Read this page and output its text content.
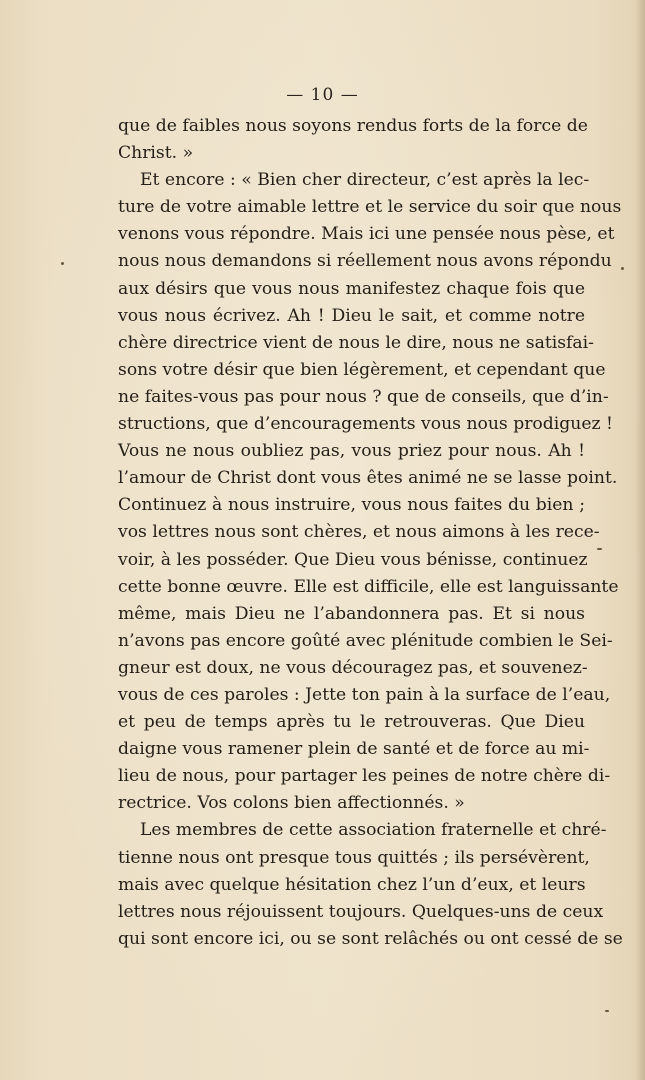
— 10 —
que de faibles nous soyons rendus forts de la force de
Christ. »
Et encore : « Bien cher directeur, c’est après la lec-
ture de votre aimable lettre et le service du soir que nous
venons vous répondre. Mais ici une pensée nous pèse, et
nous nous demandons si réellement nous avons répondu
aux désirs que vous nous manifestez chaque fois que
vous nous écrivez. Ah ! Dieu le sait, et comme notre
chère directrice vient de nous le dire, nous ne satisfai-
sons votre désir que bien légèrement, et cependant que
ne faites-vous pas pour nous ? que de conseils, que d’in-
structions, que d’encouragements vous nous prodiguez !
Vous ne nous oubliez pas, vous priez pour nous. Ah !
l’amour de Christ dont vous êtes animé ne se lasse point.
Continuez à nous instruire, vous nous faites du bien ;
vos lettres nous sont chères, et nous aimons à les rece-
voir, à les posséder. Que Dieu vous bénisse, continuez
cette bonne œuvre. Elle est difficile, elle est languissante
même, mais Dieu ne l’abandonnera pas. Et si nous
n’avons pas encore goûté avec plénitude combien le Sei-
gneur est doux, ne vous découragez pas, et souvenez-
vous de ces paroles : Jette ton pain à la surface de l’eau,
et peu de temps après tu le retrouveras. Que Dieu
daigne vous ramener plein de santé et de force au mi-
lieu de nous, pour partager les peines de notre chère di-
rectrice. Vos colons bien affectionnés. »
Les membres de cette association fraternelle et chré-
tienne nous ont presque tous quittés ; ils persévèrent,
mais avec quelque hésitation chez l’un d’eux, et leurs
lettres nous réjouissent toujours. Quelques-uns de ceux
qui sont encore ici, ou se sont relâchés ou ont cessé de se
